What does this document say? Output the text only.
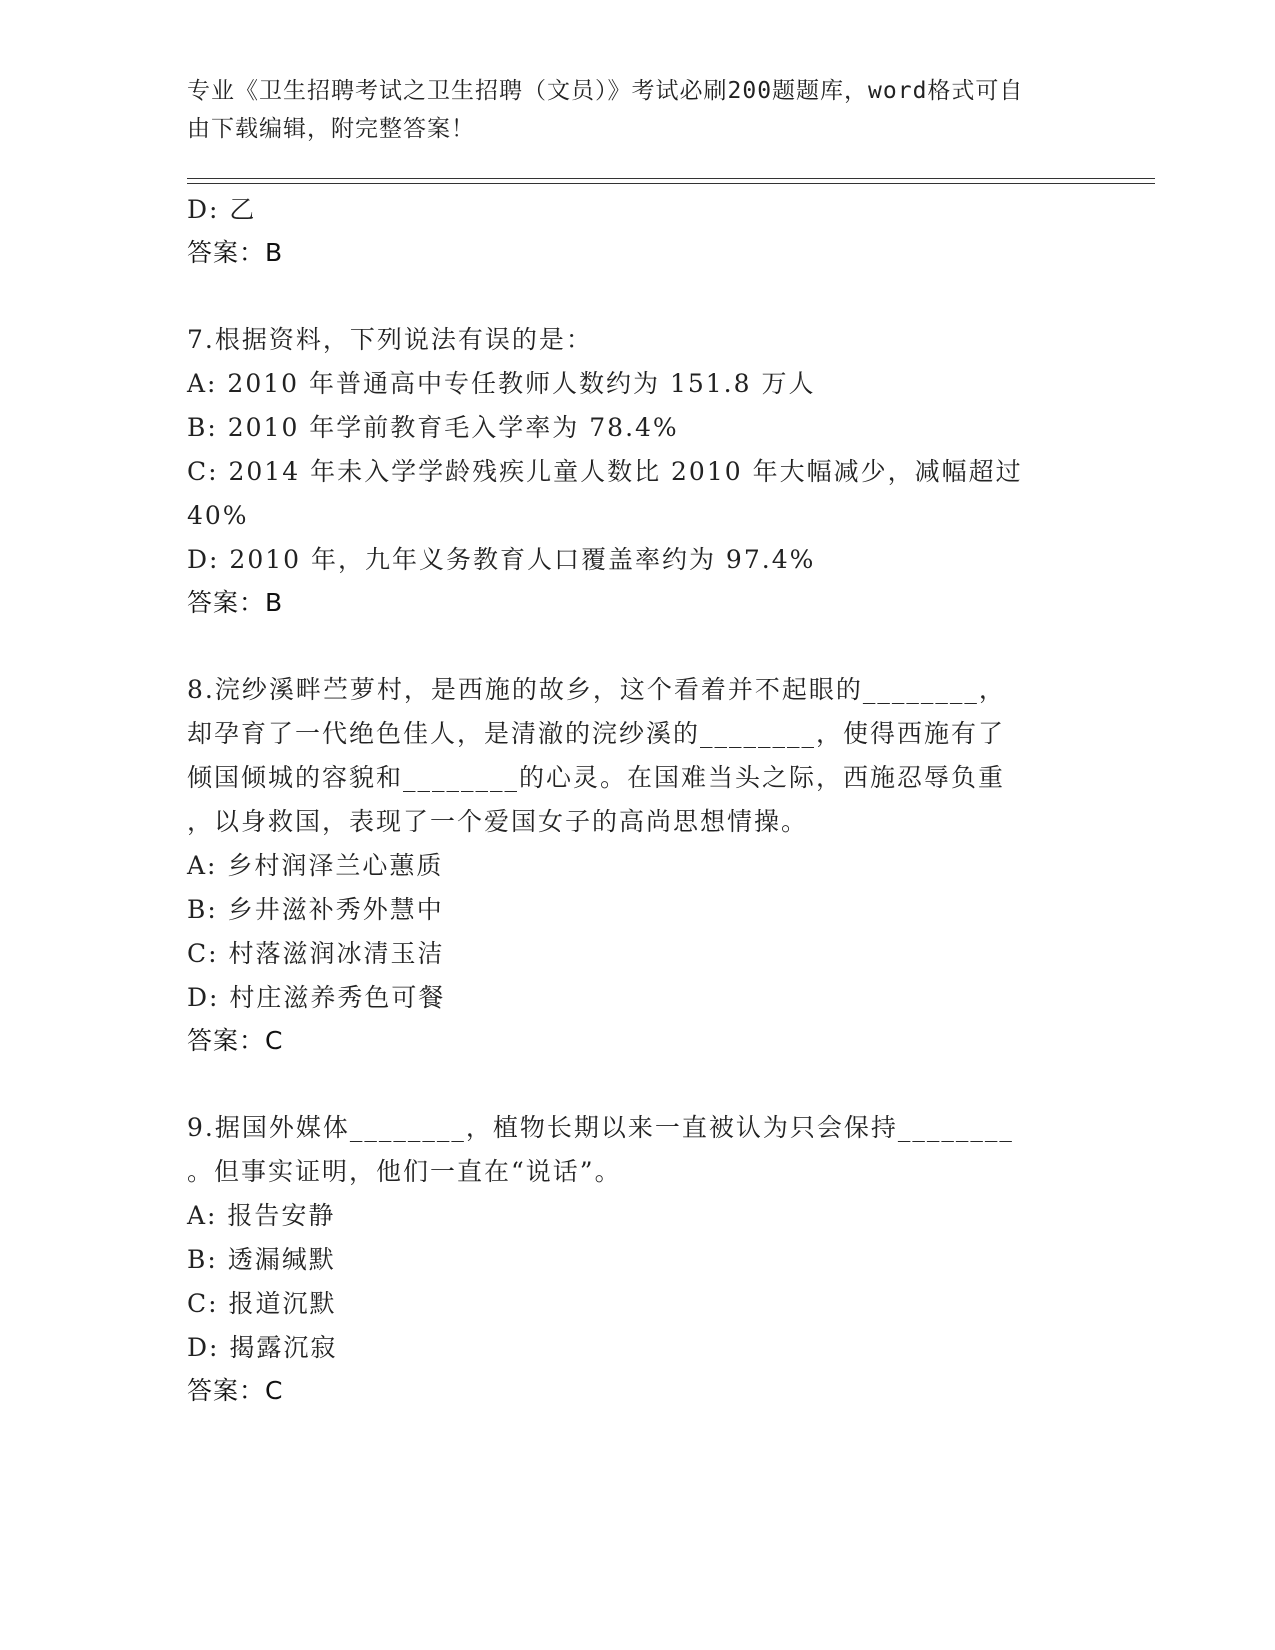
专业《卫生招聘考试之卫生招聘（文员）》考试必刷200题题库，word格式可自
由下载编辑，附完整答案！
D: 乙
答案：B
7.根据资料，下列说法有误的是：
A: 2010 年普通高中专任教师人数约为 151.8 万人
B: 2010 年学前教育毛入学率为 78.4%
C: 2014 年未入学学龄残疾儿童人数比 2010 年大幅减少，减幅超过
40%
D: 2010 年，九年义务教育人口覆盖率约为 97.4%
答案：B
8.浣纱溪畔苎萝村，是西施的故乡，这个看着并不起眼的________，
却孕育了一代绝色佳人，是清澈的浣纱溪的________，使得西施有了
倾国倾城的容貌和________的心灵。在国难当头之际，西施忍辱负重
，以身救国，表现了一个爱国女子的高尚思想情操。
A: 乡村润泽兰心蕙质
B: 乡井滋补秀外慧中
C: 村落滋润冰清玉洁
D: 村庄滋养秀色可餐
答案：C
9.据国外媒体________，植物长期以来一直被认为只会保持________
。但事实证明，他们一直在“说话”。
A: 报告安静
B: 透漏缄默
C: 报道沉默
D: 揭露沉寂
答案：C
